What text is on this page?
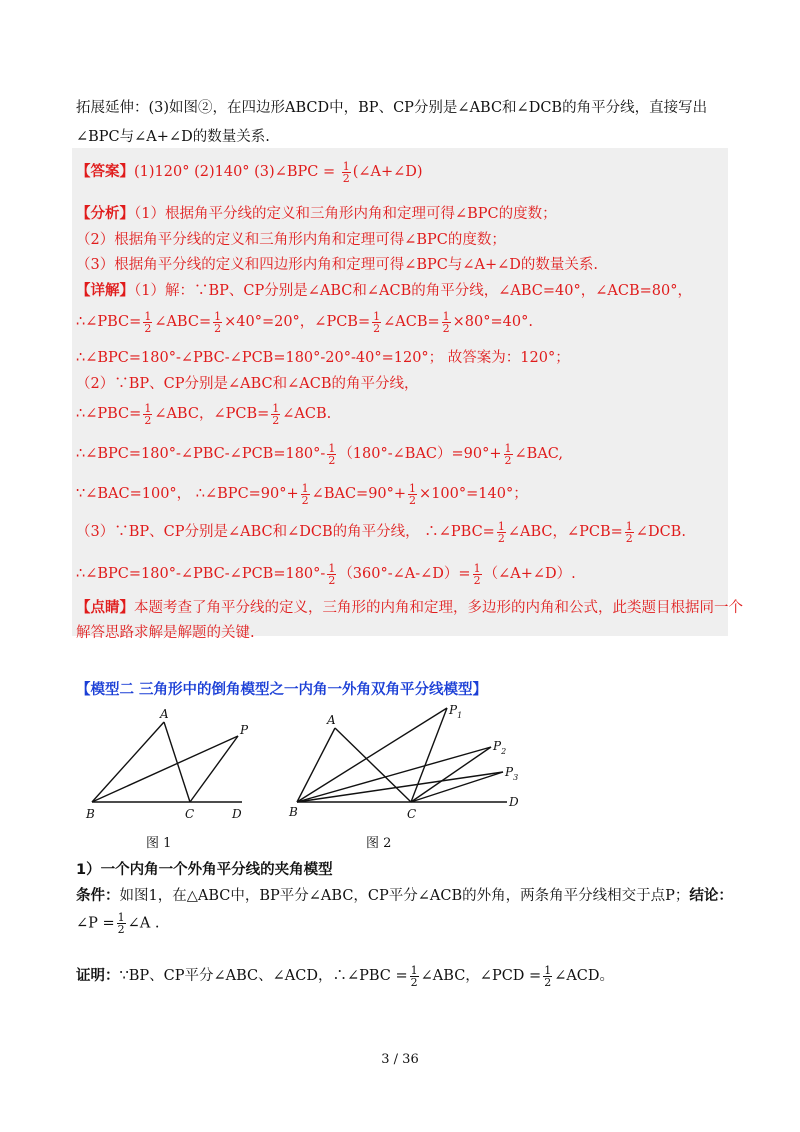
拓展延伸：(3)如图②，在四边形ABCD中，BP、CP分别是∠ABC和∠DCB的角平分线，直接写出
∠BPC与∠A+∠D的数量关系.
【答案】(1)120° (2)140° (3)∠BPC = $\frac{1}{2}$ (∠A+∠D)
【分析】（1）根据角平分线的定义和三角形内角和定理可得∠BPC的度数；
（2）根据角平分线的定义和三角形内角和定理可得∠BPC的度数；
（3）根据角平分线的定义和四边形内角和定理可得∠BPC与∠A+∠D的数量关系.
【详解】（1）解：∵BP、CP分别是∠ABC和∠ACB的角平分线，∠ABC=40°，∠ACB=80°，
∴∠PBC= $\frac{1}{2}$ ∠ABC= $\frac{1}{2} \times 40^\circ=20^\circ$，∠PCB= $\frac{1}{2}$ ∠ACB= $\frac{1}{2} \times 80^\circ=40^\circ$.
∴∠BPC=180°-∠PBC-∠PCB=180°-20°-40°=120°； 故答案为：120°；
（2）∵BP、CP分别是∠ABC和∠ACB的角平分线，
∴∠PBC= $\frac{1}{2}$ ∠ABC，∠PCB= $\frac{1}{2}$ ∠ACB.
∴∠BPC=180°-∠PBC-∠PCB=180°- $\frac{1}{2}$ （180°-∠BAC）=90°+ $\frac{1}{2}$ ∠BAC,
∵∠BAC=100°， ∴∠BPC=90°+ $\frac{1}{2}$ ∠BAC=90°+ $\frac{1}{2} \times 100^\circ=140^\circ$；
（3）∵BP、CP分别是∠ABC和∠DCB的角平分线， ∴∠PBC= $\frac{1}{2}$ ∠ABC，∠PCB= $\frac{1}{2}$ ∠DCB.
∴∠BPC=180°-∠PBC-∠PCB=180°- $\frac{1}{2}$ （360°-∠A-∠D）= $\frac{1}{2}$ （∠A+∠D）.
【点睛】本题考查了角平分线的定义，三角形的内角和定理，多边形的内角和公式，此类题目根据同一个
解答思路求解是解题的关键.
【模型二 三角形中的倒角模型之一内角一外角双角平分线模型】
A
P
B	C	D
图 1
A
$P_1$
$P_2$
$P_3$
B	C
D
图 2
1）一个内角一个外角平分线的夹角模型
条件：如图1，在△ABC中，BP平分∠ABC，CP平分∠ACB的外角，两条角平分线相交于点P；结论：
∠P = $\frac{1}{2}$ ∠A .
证明：∵BP、CP平分∠ABC、∠ACD，∴∠PBC = $\frac{1}{2}$ ∠ABC，∠PCD = $\frac{1}{2}$ ∠ACD。
3 / 36
